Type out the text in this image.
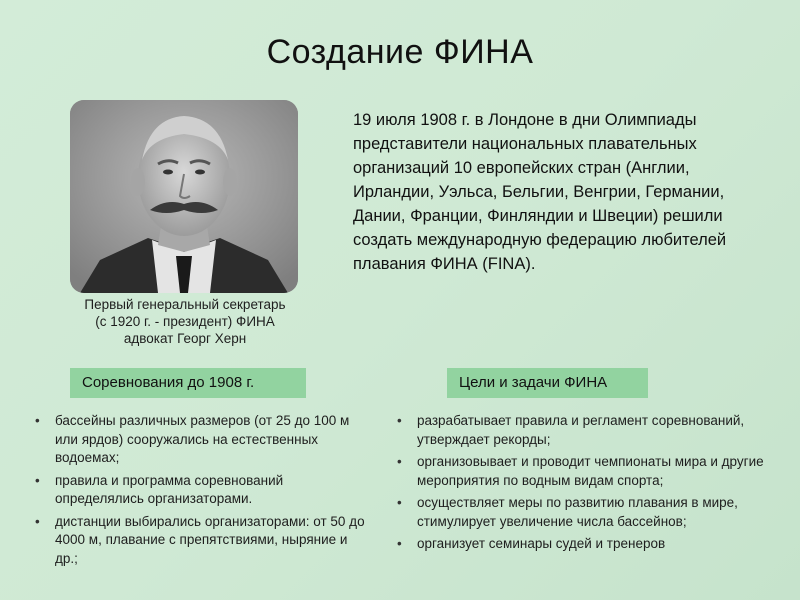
Создание ФИНА
Первый генеральный секретарь
(с 1920 г. - президент) ФИНА
адвокат Георг Херн

19 июля 1908 г. в Лондоне в дни Олимпиады представители национальных плавательных организаций 10 европейских стран (Англии, Ирландии, Уэльса, Бельгии, Венгрии, Германии, Дании, Франции, Финляндии и Швеции) решили создать международную федерацию любителей плавания ФИНА (FINA).

Соревнования до 1908 г.	Цели и задачи ФИНА
• бассейны различных размеров (от 25 до 100 м или ярдов) сооружались на естественных водоемах;
• правила и программа соревнований определялись организаторами.
• дистанции выбирались организаторами: от 50 до 4000 м, плавание с препятствиями, ныряние и др.;
• разрабатывает правила и регламент соревнований, утверждает рекорды;
• организовывает и проводит чемпионаты мира и другие мероприятия по водным видам спорта;
• осуществляет меры по развитию плавания в мире, стимулирует увеличение числа бассейнов;
• организует семинары судей и тренеров
